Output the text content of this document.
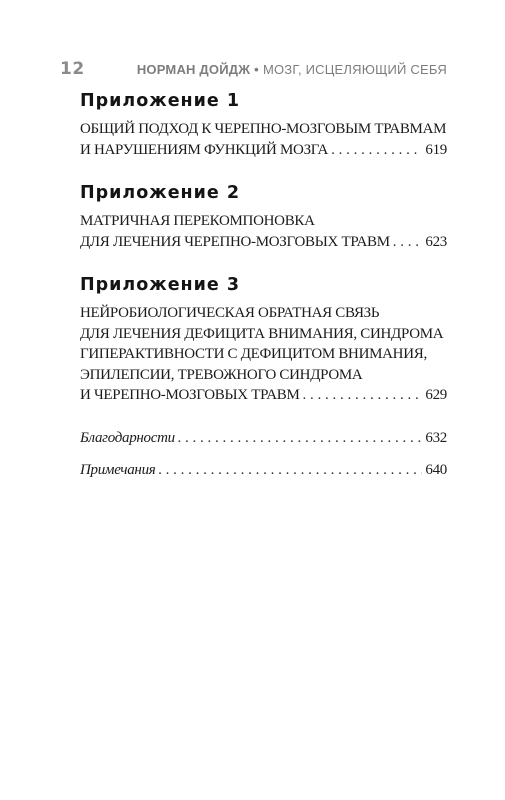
12	НОРМАН ДОЙДЖ • МОЗГ, ИСЦЕЛЯЮЩИЙ СЕБЯ
Приложение 1
ОБЩИЙ ПОДХОД К ЧЕРЕПНО-МОЗГОВЫМ ТРАВМАМ
И НАРУШЕНИЯМ ФУНКЦИЙ МОЗГА . . .	619
Приложение 2
МАТРИЧНАЯ ПЕРЕКОМПОНОВКА
ДЛЯ ЛЕЧЕНИЯ ЧЕРЕПНО-МОЗГОВЫХ ТРАВМ . . . 623
Приложение 3
НЕЙРОБИОЛОГИЧЕСКАЯ ОБРАТНАЯ СВЯЗЬ
ДЛЯ ЛЕЧЕНИЯ ДЕФИЦИТА ВНИМАНИЯ, СИНДРОМА
ГИПЕРАКТИВНОСТИ С ДЕФИЦИТОМ ВНИМАНИЯ,
ЭПИЛЕПСИИ, ТРЕВОЖНОГО СИНДРОМА
И ЧЕРЕПНО-МОЗГОВЫХ ТРАВМ . . .	629
Благодарности . . .	632
Примечания . . .	640
